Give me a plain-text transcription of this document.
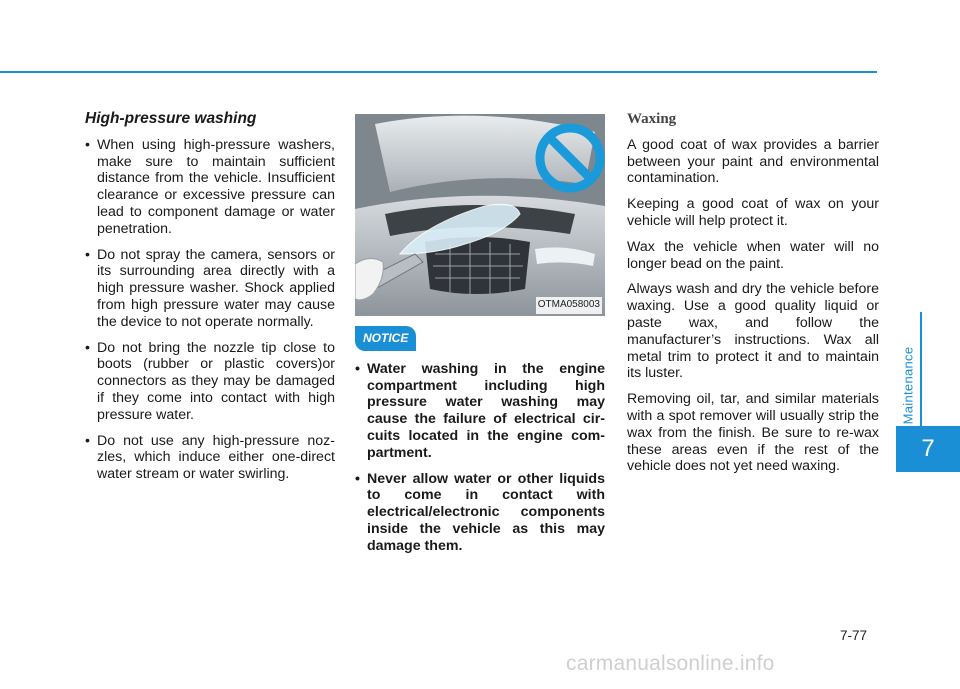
High-pressure washing
• When using high-pressure washers, make sure to maintain sufficient distance from the vehicle. Insufficient clearance or excessive pressure can lead to component damage or water penetration.
• Do not spray the camera, sensors or its surrounding area directly with a high pressure washer. Shock applied from high pressure water may cause the device to not operate normally.
• Do not bring the nozzle tip close to boots (rubber or plastic covers)or connectors as they may be damaged if they come into contact with high pressure water.
• Do not use any high-pressure nozzles, which induce either one-direct water stream or water swirling.
OTMA058003
NOTICE
• Water washing in the engine compartment including high pressure water washing may cause the failure of electrical circuits located in the engine compartment.
• Never allow water or other liquids to come in contact with electrical/electronic components inside the vehicle as this may damage them.
Waxing

A good coat of wax provides a barrier between your paint and environmental contamination.

Keeping a good coat of wax on your vehicle will help protect it.

Wax the vehicle when water will no longer bead on the paint.

Always wash and dry the vehicle before waxing. Use a good quality liquid or paste wax, and follow the manufacturer’s instructions. Wax all metal trim to protect it and to maintain its luster.

Removing oil, tar, and similar materials with a spot remover will usually strip the wax from the finish. Be sure to re-wax these areas even if the rest of the vehicle does not yet need waxing.

Maintenance
7
7-77
carmanualsonline.info
